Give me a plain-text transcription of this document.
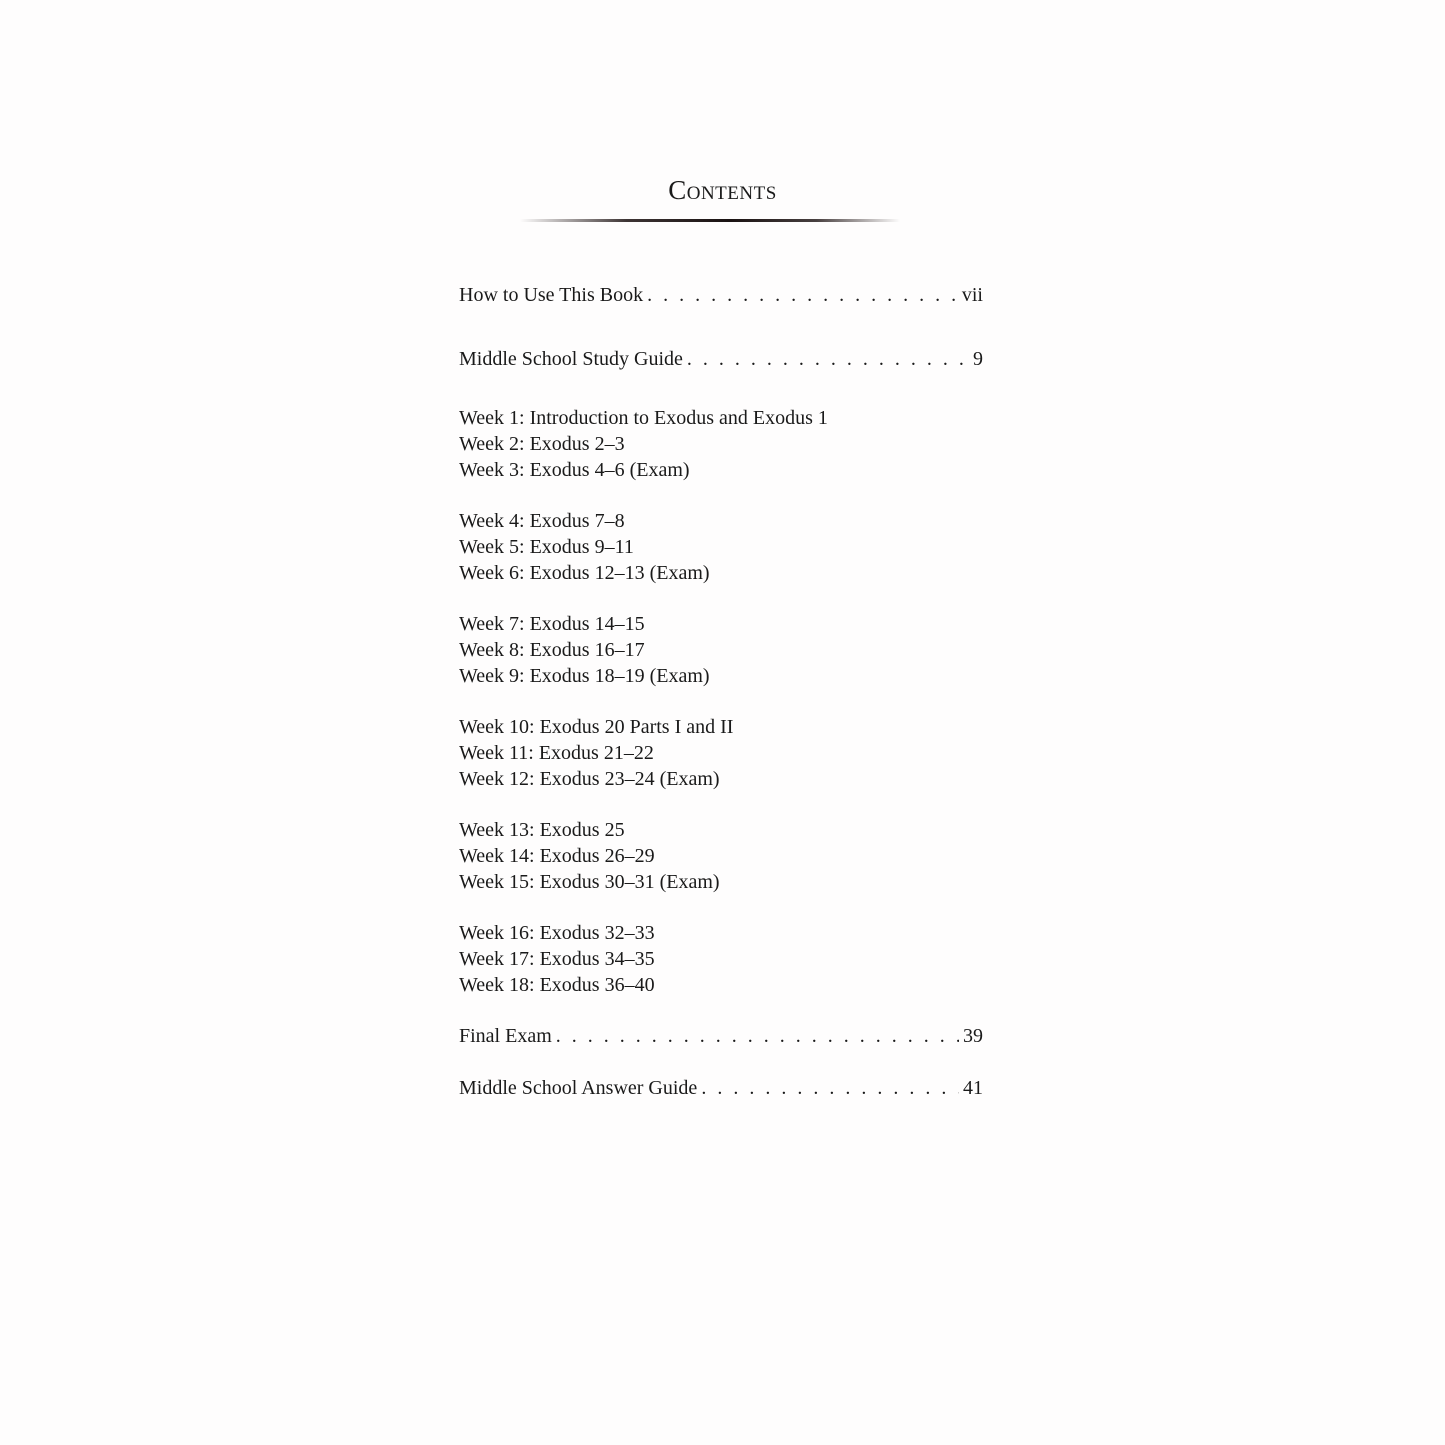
Contents
How to Use This Book . . .	vii
Middle School Study Guide . . .	9
Week 1: Introduction to Exodus and Exodus 1
Week 2: Exodus 2–3
Week 3: Exodus 4–6 (Exam)
Week 4: Exodus 7–8
Week 5: Exodus 9–11
Week 6: Exodus 12–13 (Exam)
Week 7: Exodus 14–15
Week 8: Exodus 16–17
Week 9: Exodus 18–19 (Exam)
Week 10: Exodus 20 Parts I and II
Week 11: Exodus 21–22
Week 12: Exodus 23–24 (Exam)
Week 13: Exodus 25
Week 14: Exodus 26–29
Week 15: Exodus 30–31 (Exam)
Week 16: Exodus 32–33
Week 17: Exodus 34–35
Week 18: Exodus 36–40
Final Exam . . .	39
Middle School Answer Guide . . .	41
